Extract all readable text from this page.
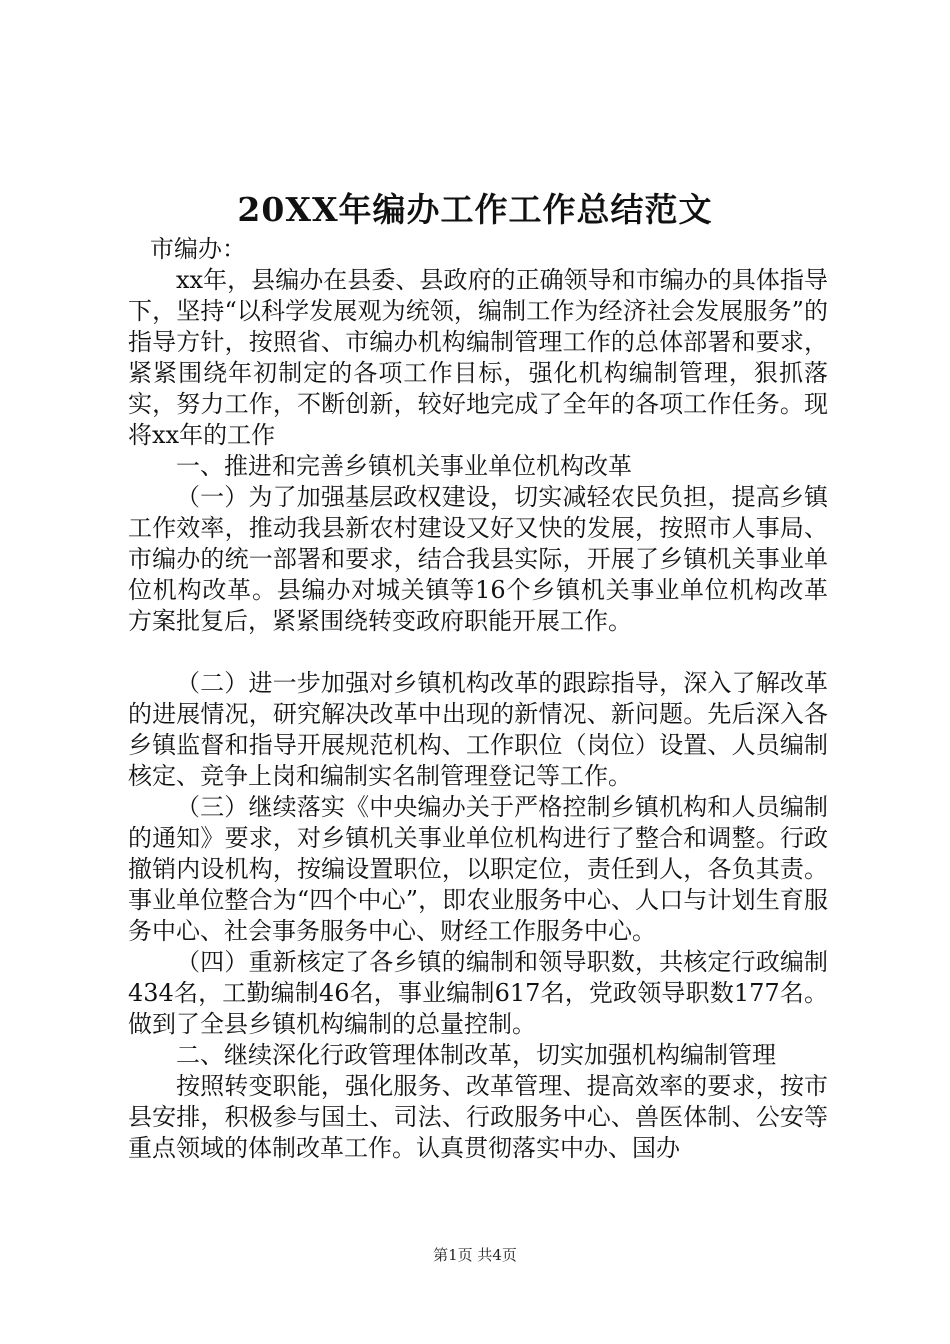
20XX年编办工作工作总结范文

市编办：

xx年，县编办在县委、县政府的正确领导和市编办的具体指导下，坚持“以科学发展观为统领，编制工作为经济社会发展服务”的指导方针，按照省、市编办机构编制管理工作的总体部署和要求，紧紧围绕年初制定的各项工作目标，强化机构编制管理，狠抓落实，努力工作，不断创新，较好地完成了全年的各项工作任务。现将xx年的工作

一、推进和完善乡镇机关事业单位机构改革

（一）为了加强基层政权建设，切实减轻农民负担，提高乡镇工作效率，推动我县新农村建设又好又快的发展，按照市人事局、市编办的统一部署和要求，结合我县实际，开展了乡镇机关事业单位机构改革。县编办对城关镇等16个乡镇机关事业单位机构改革方案批复后，紧紧围绕转变政府职能开展工作。

（二）进一步加强对乡镇机构改革的跟踪指导，深入了解改革的进展情况，研究解决改革中出现的新情况、新问题。先后深入各乡镇监督和指导开展规范机构、工作职位（岗位）设置、人员编制核定、竞争上岗和编制实名制管理登记等工作。

（三）继续落实《中央编办关于严格控制乡镇机构和人员编制的通知》要求，对乡镇机关事业单位机构进行了整合和调整。行政撤销内设机构，按编设置职位，以职定位，责任到人，各负其责。事业单位整合为“四个中心”，即农业服务中心、人口与计划生育服务中心、社会事务服务中心、财经工作服务中心。

（四）重新核定了各乡镇的编制和领导职数，共核定行政编制434名，工勤编制46名，事业编制617名，党政领导职数177名。做到了全县乡镇机构编制的总量控制。

二、继续深化行政管理体制改革，切实加强机构编制管理

按照转变职能，强化服务、改革管理、提高效率的要求，按市县安排，积极参与国土、司法、行政服务中心、兽医体制、公安等重点领域的体制改革工作。认真贯彻落实中办、国办

第1页 共4页
